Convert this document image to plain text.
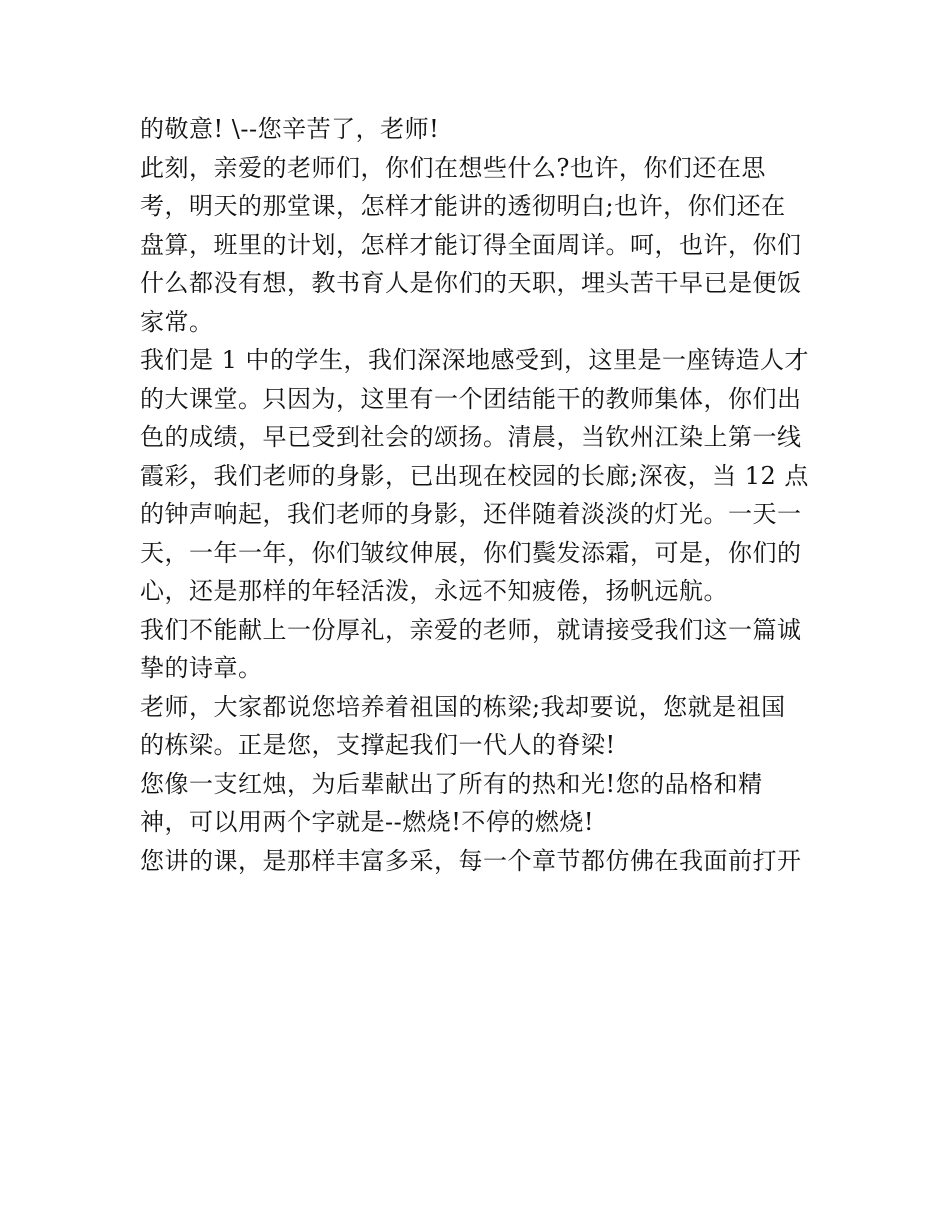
的敬意! \--您辛苦了，老师!
此刻，亲爱的老师们，你们在想些什么?也许，你们还在思
考，明天的那堂课，怎样才能讲的透彻明白;也许，你们还在
盘算，班里的计划，怎样才能订得全面周详。呵，也许，你们
什么都没有想，教书育人是你们的天职，埋头苦干早已是便饭
家常。
我们是 1 中的学生，我们深深地感受到，这里是一座铸造人才
的大课堂。只因为，这里有一个团结能干的教师集体，你们出
色的成绩，早已受到社会的颂扬。清晨，当钦州江染上第一线
霞彩，我们老师的身影，已出现在校园的长廊;深夜，当 12 点
的钟声响起，我们老师的身影，还伴随着淡淡的灯光。一天一
天，一年一年，你们皱纹伸展，你们鬓发添霜，可是，你们的
心，还是那样的年轻活泼，永远不知疲倦，扬帆远航。
我们不能献上一份厚礼，亲爱的老师，就请接受我们这一篇诚
挚的诗章。
老师，大家都说您培养着祖国的栋梁;我却要说，您就是祖国
的栋梁。正是您，支撑起我们一代人的脊梁!
您像一支红烛，为后辈献出了所有的热和光!您的品格和精
神，可以用两个字就是--燃烧!不停的燃烧!
您讲的课，是那样丰富多采，每一个章节都仿佛在我面前打开
